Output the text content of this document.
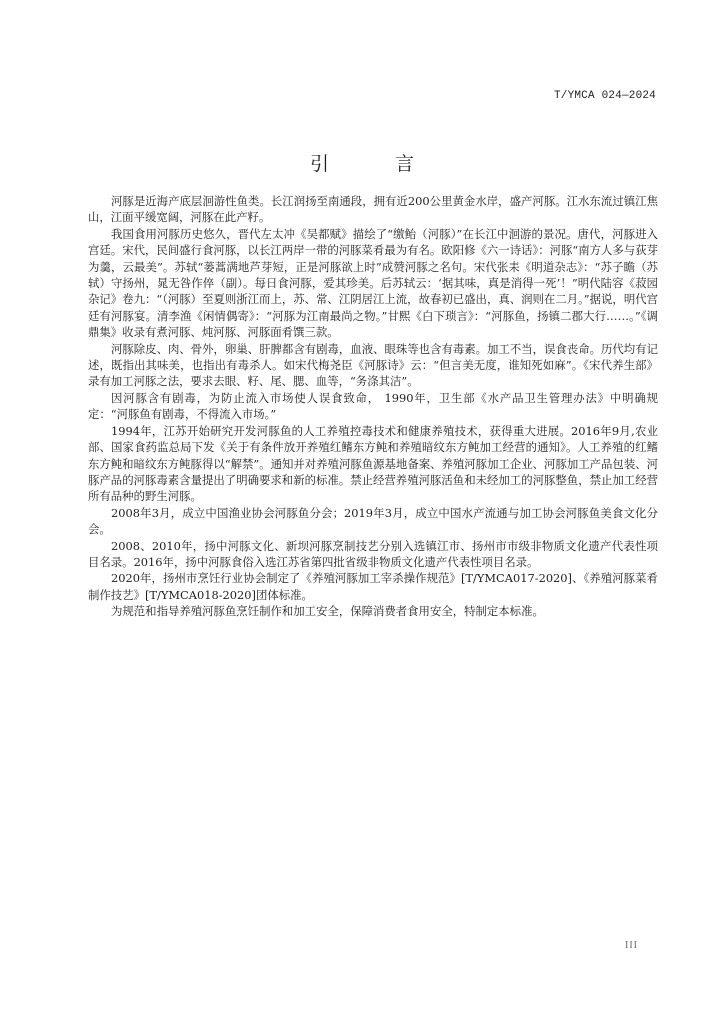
T/YMCA 024—2024
引 言

河豚是近海产底层洄游性鱼类。长江润扬至南通段，拥有近200公里黄金水岸，盛产河豚。江水东流过镇江焦山，江面平缓宽阔，河豚在此产籽。

我国食用河豚历史悠久，晋代左太冲《吴都赋》描绘了“缴鲐（河豚）”在长江中洄游的景况。唐代，河豚进入宫廷。宋代，民间盛行食河豚，以长江两岸一带的河豚菜肴最为有名。欧阳修《六一诗话》：河豚“南方人多与荻芽为羹，云最美”。苏轼“蒌蒿满地芦芽短，正是河豚欲上时”成赞河豚之名句。宋代张耒《明道杂志》：“苏子瞻（苏轼）守扬州，晁无咎作倅（副）。每日食河豚，爱其珍美。后苏轼云：‘据其味，真是消得一死’！”明代陆容《菽园杂记》卷九：“（河豚）至夏则浙江而上，苏、常、江阴居江上流，故春初已盛出，真、润则在二月。”据说，明代宫廷有河豚宴。清李渔《闲情偶寄》：“河豚为江南最尚之物。”甘熙《白下琐言》：“河豚鱼，扬镇二郡大行……。”《调鼎集》收录有煮河豚、炖河豚、河豚面肴馔三款。

河豚除皮、肉、骨外，卵巢、肝脾都含有剧毒，血液、眼珠等也含有毒素。加工不当，误食丧命。历代均有记述，既指出其味美，也指出有毒杀人。如宋代梅尧臣《河豚诗》云：“但言美无度，谁知死如麻”。《宋代养生部》录有加工河豚之法，要求去眼、籽、尾、腮、血等，“务涤其洁”。

因河豚含有剧毒，为防止流入市场使人误食致命， 1990年，卫生部《水产品卫生管理办法》中明确规定：“河豚鱼有剧毒，不得流入市场。”

1994年，江苏开始研究开发河豚鱼的人工养殖控毒技术和健康养殖技术，获得重大进展。2016年9月,农业部、国家食药监总局下发《关于有条件放开养殖红鳍东方鲀和养殖暗纹东方鲀加工经营的通知》。人工养殖的红鳍东方鲀和暗纹东方鲀豚得以“解禁”。通知并对养殖河豚鱼源基地备案、养殖河豚加工企业、河豚加工产品包装、河豚产品的河豚毒素含量提出了明确要求和新的标准。禁止经营养殖河豚活鱼和未经加工的河豚整鱼，禁止加工经营所有品种的野生河豚。

2008年3月，成立中国渔业协会河豚鱼分会；2019年3月，成立中国水产流通与加工协会河豚鱼美食文化分会。

2008、2010年，扬中河豚文化、新坝河豚烹制技艺分别入选镇江市、扬州市市级非物质文化遗产代表性项目名录。2016年，扬中河豚食俗入选江苏省第四批省级非物质文化遗产代表性项目名录。

2020年，扬州市烹饪行业协会制定了《养殖河豚加工宰杀操作规范》[T/YMCA017-2020]、《养殖河豚菜肴制作技艺》[T/YMCA018-2020]团体标准。

为规范和指导养殖河豚鱼烹饪制作和加工安全，保障消费者食用安全，特制定本标准。

III
